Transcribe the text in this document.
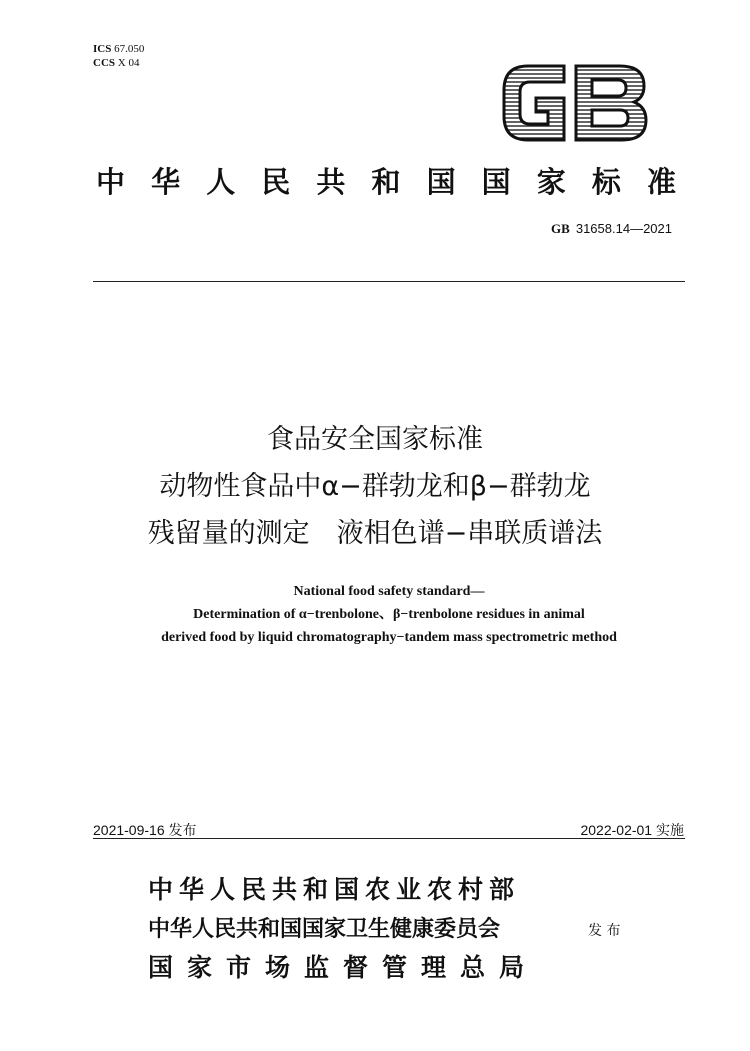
ICS 67.050
CCS X 04
中 华 人 民 共 和 国 国 家 标 准
GB 31658.14—2021
食品安全国家标准
动物性食品中α−群勃龙和β−群勃龙
残留量的测定　液相色谱−串联质谱法
National food safety standard—
Determination of α−trenbolone、β−trenbolone residues in animal
derived food by liquid chromatography−tandem mass spectrometric method
2021-09-16 发布	2022-02-01 实施
中华人民共和国农业农村部
中华人民共和国国家卫生健康委员会
国家市场监督管理总局
发 布
